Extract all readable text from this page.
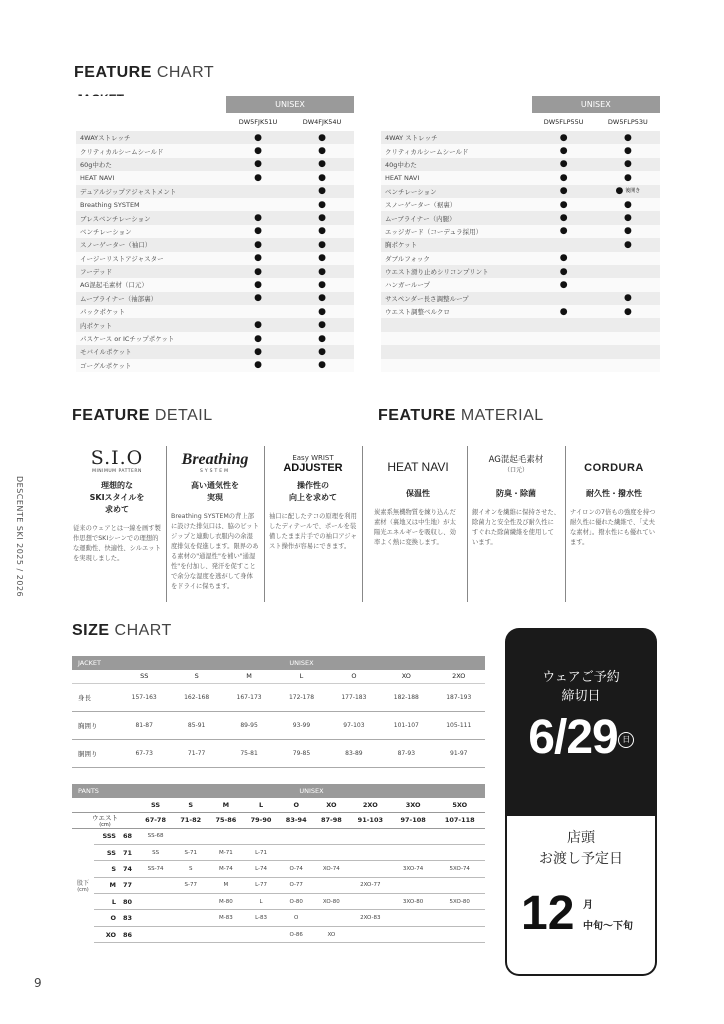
FEATURE CHART
	UNISEX	
	DW5FJK51U	DW4FJK54U
4WAYストレッチ	●	●
クリティカルシームシールド	●	●
60g中わた	●	●
HEAT NAVI	●	●
デュアルジップアジャストメント		●
Breathing SYSTEM		●
ブレスベンチレーション	●	●
ベンチレーション	●	●
スノーゲーター（袖口）	●	●
イージーリストアジャスター	●	●
フーデッド	●	●
AG混起毛素材（口元）	●	●
ムーブライナー（袖部裏）	●	●
パックポケット		●
内ポケット	●	●
パスケース or ICチップポケット	●	●
モバイルポケット	●	●
ゴーグルポケット	●	●
	UNISEX	
	DW5FLP55U	DW5FLP53U
4WAY ストレッチ	●	●
クリティカルシームシールド	●	●
40g中わた	●	●
HEAT NAVI	●	●
ベンチレーション	●	● 後開き
スノーゲーター（裾裏）	●	●
ムーブライナー（内腿）	●	●
エッジガード（コーデュラ採用）	●	●
胸ポケット		●
ダブルフォック	●	
ウエスト滑り止めシリコンプリント	●	
ハンガーループ	●	
サスペンダー長さ調整ループ		●
ウエスト調整ベルクロ	●	●

FEATURE DETAIL	FEATURE MATERIAL
S.I.O
MINIMUM PATTERN
理想的な
SKIスタイルを
求めて
従来のウェアとは一線を画す製作思想でSKIシーンでの理想的な運動性、快適性、シルエットを実現しました。
Breathing
SYSTEM
高い通気性を
実現
Breathing SYSTEMの背上部に設けた排気口は、脇のピットジップと連動し衣服内の余湿度排気を促進します。限界のある素材の"通湿性"を補い"通湿性"を付加し、発汗を促すことで余分な湿度を逃がして身体をドライに保ちます。
Easy WRIST
ADJUSTER
操作性の
向上を求めて
袖口に配したテコの原理を利用したディテールで、ポールを装備したまま片手での袖口アジャスト操作が容易にできます。
HEAT NAVI
保温性
炭素系無機物質を練り込んだ素材（裏地又は中生地）が太陽光エネルギーを吸収し、効率よく熱に変換します。
AG混起毛素材
（口元）
防臭・除菌
銀イオンを繊維に保持させた、除菌力と安全性及び耐久性にすぐれた除菌繊維を使用しています。
CORDURA
耐久性・撥水性
ナイロンの7倍もの強度を持つ耐久性に優れた繊維で、「丈夫な素材」。撥水性にも優れています。
SIZE CHART
JACKET	UNISEX						
	SS	S	M	L	O	XO	2XO
身長	157-163	162-168	167-173	172-178	177-183	182-188	187-193
胸囲り	81-87	85-91	89-95	93-99	97-103	101-107	105-111
胴囲り	67-73	71-77	75-81	79-85	83-89	87-93	91-97
PANTS			UNISEX								
			SS	S	M	L	O	XO	2XO	3XO	5XO

ウエスト
(cm)			67-78	71-82	75-86	79-90	83-94	87-98	91-103	97-108	107-118

股下
(cm)	SSS	68	SS-68								
	SS	71	SS	S-71	M-71	L-71					
	S	74	SS-74	S	M-74	L-74	O-74	XO-74		3XO-74	5XO-74
	M	77		S-77	M	L-77	O-77		2XO-77		
	L	80			M-80	L	O-80	XO-80		3XO-80	5XO-80
	O	83			M-83	L-83	O		2XO-83		
	XO	86					O-86	XO			
ウェアご予約
締切日
6/29 日
店頭
お渡し予定日
12 月
中旬〜下旬
DESCENTE SKI 2025 / 2026
9
